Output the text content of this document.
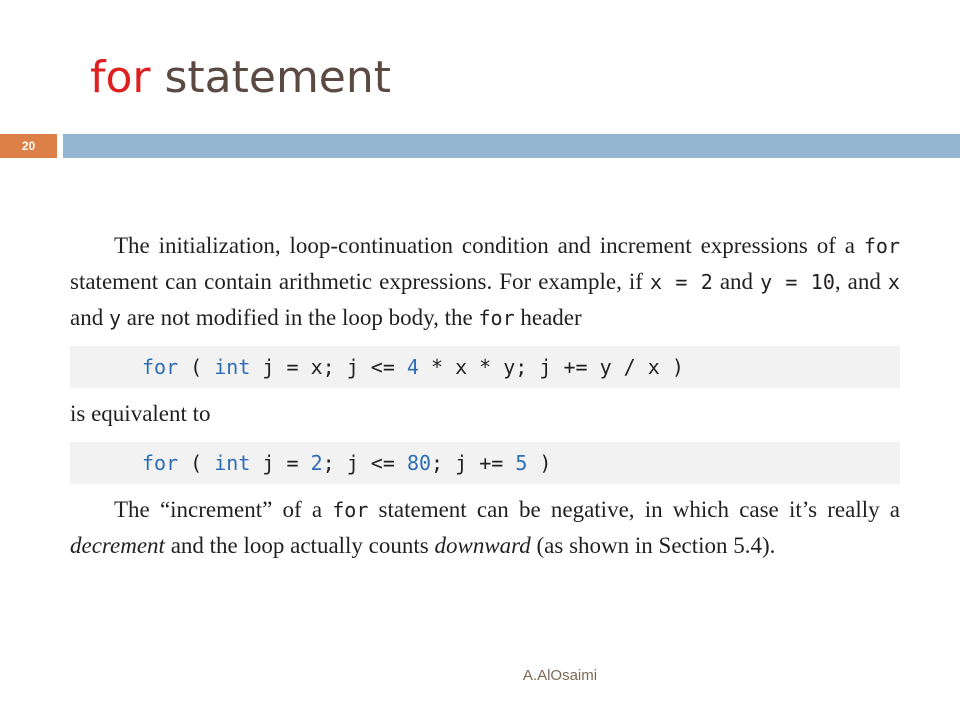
for statement
20

The initialization, loop-continuation condition and increment expressions of a for statement can contain arithmetic expressions. For example, if x = 2 and y = 10, and x and y are not modified in the loop body, the for header

for ( int j = x; j <= 4 * x * y; j += y / x )

is equivalent to

for ( int j = 2; j <= 80; j += 5 )

The “increment” of a for statement can be negative, in which case it’s really a decrement and the loop actually counts downward (as shown in Section 5.4).

A.AlOsaimi
